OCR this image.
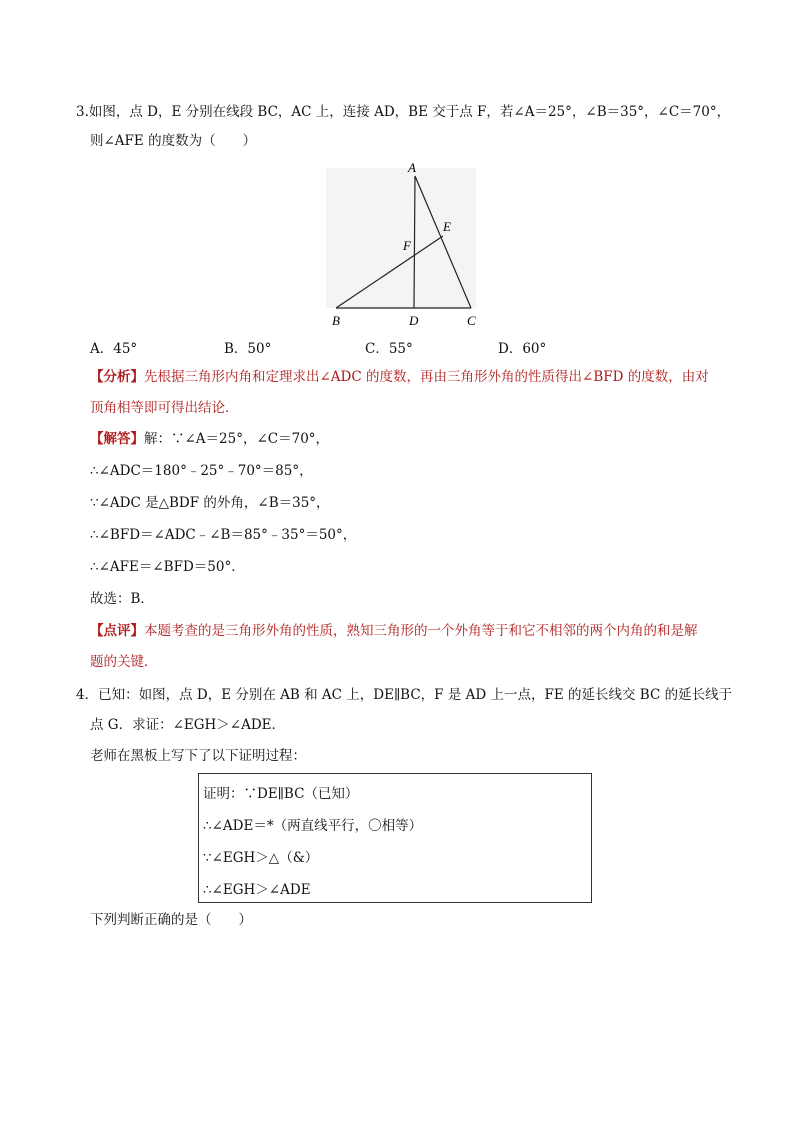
3.如图，点 D，E 分别在线段 BC，AC 上，连接 AD，BE 交于点 F，若∠A＝25°，∠B＝35°，∠C＝70°，
则∠AFE 的度数为（　　）
A
E
F
B	D	C
A．45°	B．50°	C．55°	D．60°
【分析】先根据三角形内角和定理求出∠ADC 的度数，再由三角形外角的性质得出∠BFD 的度数，由对
顶角相等即可得出结论．
【解答】解：∵∠A＝25°，∠C＝70°，
∴∠ADC＝180°﹣25°﹣70°＝85°，
∵∠ADC 是△BDF 的外角，∠B＝35°，
∴∠BFD＝∠ADC﹣∠B＝85°﹣35°＝50°，
∴∠AFE＝∠BFD＝50°．
故选：B．
【点评】本题考查的是三角形外角的性质，熟知三角形的一个外角等于和它不相邻的两个内角的和是解
题的关键．
4．已知：如图，点 D，E 分别在 AB 和 AC 上，DE∥BC，F 是 AD 上一点，FE 的延长线交 BC 的延长线于
点 G．求证：∠EGH＞∠ADE．
老师在黑板上写下了以下证明过程：
证明：∵DE∥BC（已知）
∴∠ADE＝*（两直线平行，〇相等）
∵∠EGH＞△（&）
∴∠EGH＞∠ADE
下列判断正确的是（　　）
